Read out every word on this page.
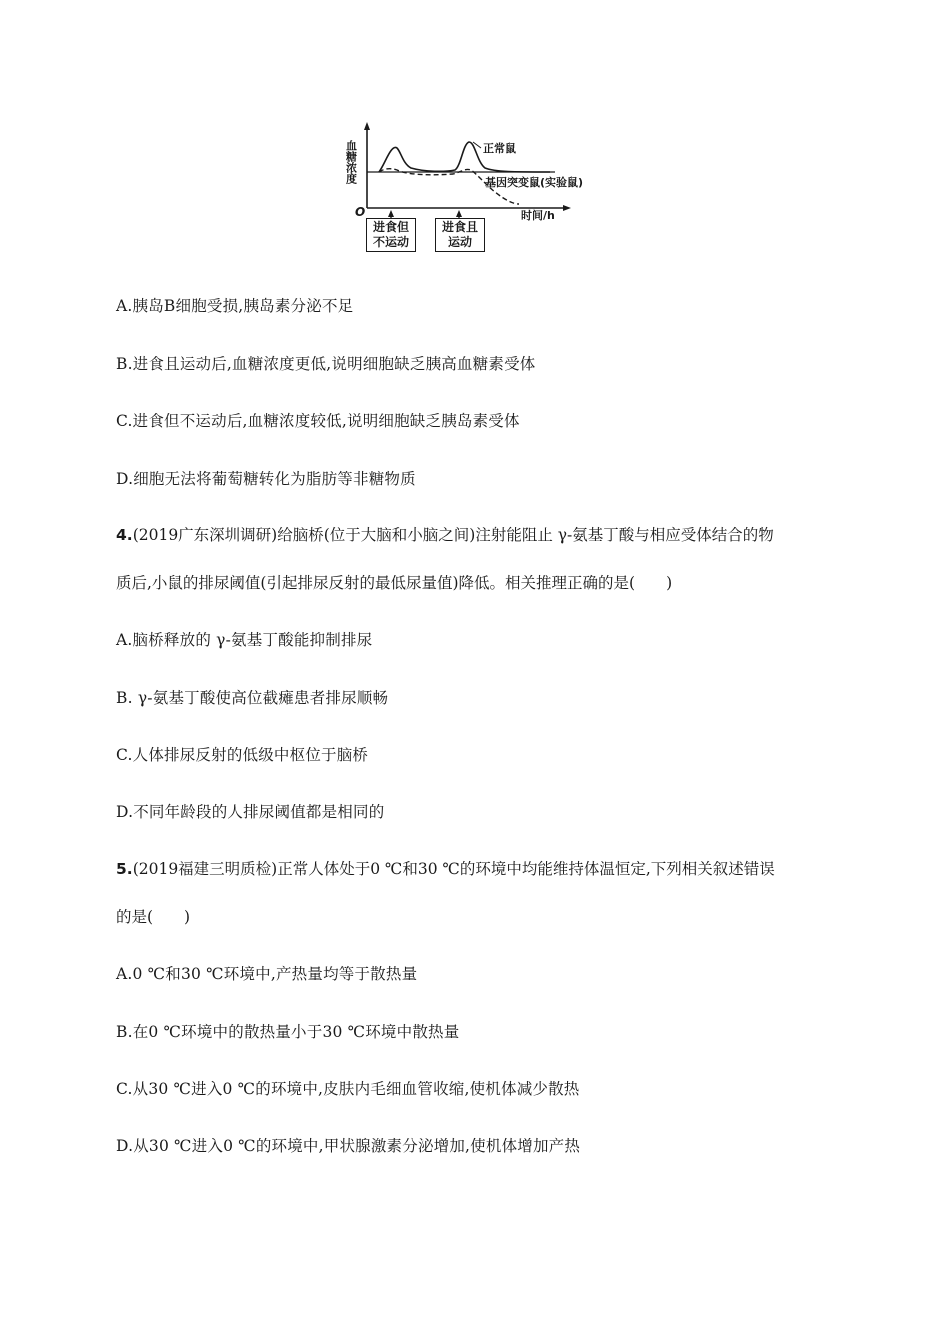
血糖浓度
O	时间/h
正常鼠
基因突变鼠(实验鼠)
进食但
不运动
进食且
运动
A.胰岛B细胞受损,胰岛素分泌不足
B.进食且运动后,血糖浓度更低,说明细胞缺乏胰高血糖素受体
C.进食但不运动后,血糖浓度较低,说明细胞缺乏胰岛素受体
D.细胞无法将葡萄糖转化为脂肪等非糖物质
4.(2019广东深圳调研)给脑桥(位于大脑和小脑之间)注射能阻止 γ-氨基丁酸与相应受体结合的物
质后,小鼠的排尿阈值(引起排尿反射的最低尿量值)降低。相关推理正确的是(　　)
A.脑桥释放的 γ-氨基丁酸能抑制排尿
B. γ-氨基丁酸使高位截瘫患者排尿顺畅
C.人体排尿反射的低级中枢位于脑桥
D.不同年龄段的人排尿阈值都是相同的
5.(2019福建三明质检)正常人体处于0 ℃和30 ℃的环境中均能维持体温恒定,下列相关叙述错误
的是(　　)
A.0 ℃和30 ℃环境中,产热量均等于散热量
B.在0 ℃环境中的散热量小于30 ℃环境中散热量
C.从30 ℃进入0 ℃的环境中,皮肤内毛细血管收缩,使机体减少散热
D.从30 ℃进入0 ℃的环境中,甲状腺激素分泌增加,使机体增加产热
